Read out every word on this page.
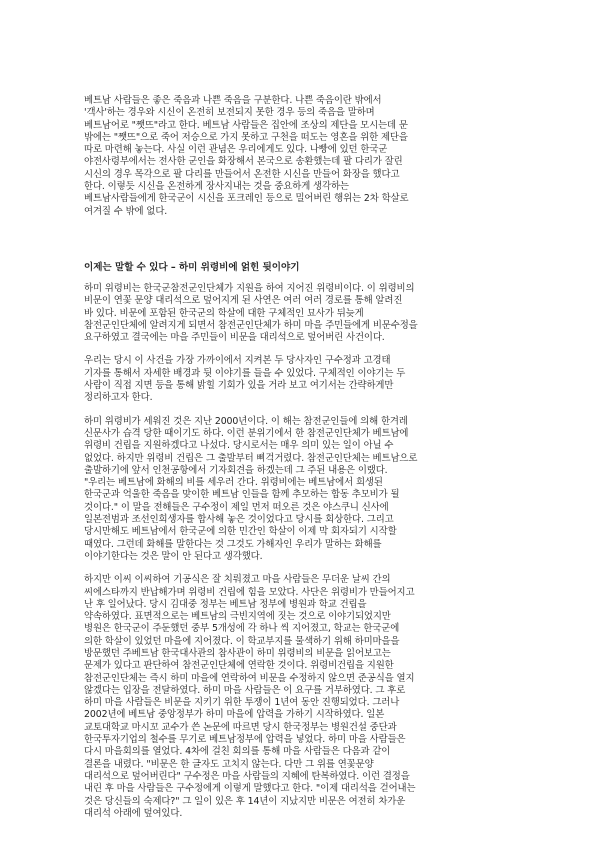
베트남 사람들은 좋은 죽음과 나쁜 죽음을 구분한다. 나쁜 죽음이란 밖에서
'객사'하는 경우와 시신이 온전히 보전되지 못한 경우 등의 죽음을 말하며
베트남어로 "쨋뜨"라고 한다. 베트남 사람들은 집안에 조상의 제단을 모시는데 문
밖에는 "쨋뜨"으로 죽어 저승으로 가지 못하고 구천을 떠도는 영혼을 위한 제단을
따로 마련해 놓는다. 사실 이런 관념은 우리에게도 있다. 나빵에 있던 한국군
야전사령부에서는 전사한 군인을 화장해서 본국으로 송환했는데 팔 다리가 잘린
시신의 경우 목각으로 팔 다리를 만들어서 온전한 시신을 만들어 화장을 했다고
한다. 이렇듯 시신을 온전하게 장사지내는 것을 중요하게 생각하는
베트남사람들에게 한국군이 시신을 포크레인 등으로 밀어버린 행위는 2차 학살로
여겨질 수 밖에 없다.

이제는 말할 수 있다 – 하미 위령비에 얽힌 뒷이야기

하미 위령비는 한국군참전군인단체가 지원을 하여 지어진 위령비이다. 이 위령비의
비문이 연꽃 문양 대리석으로 덮어지게 된 사연은 여러 여러 경로를 통해 알려진
바 있다. 비문에 포함된 한국군의 학살에 대한 구체적인 묘사가 뒤늦게
참전군인단체에 알려지게 되면서 참전군인단체가 하미 마을 주민들에게 비문수정을
요구하였고 결국에는 마을 주민들이 비문을 대리석으로 덮어버린 사건이다.

우리는 당시 이 사건을 가장 가까이에서 지켜본 두 당사자인 구수정과 고경태
기자를 통해서 자세한 배경과 뒷 이야기를 들을 수 있었다. 구체적인 이야기는 두
사람이 직접 지면 등을 통해 밝힐 기회가 있을 거라 보고 여기서는 간략하게만
정리하고자 한다.

하미 위령비가 세워진 것은 지난 2000년이다. 이 해는 참전군인들에 의해 한겨레
신문사가 습격 당한 때이기도 하다. 이런 분위기에서 한 참전군인단체가 베트남에
위령비 건립을 지원하겠다고 나섰다. 당시로서는 매우 의미 있는 일이 아닐 수
없었다. 하지만 위령비 건립은 그 출발부터 삐걱거렸다. 참전군인단체는 베트남으로
출발하기에 앞서 인천공항에서 기자회견을 하겠는데 그 주된 내용은 이랬다.
"우리는 베트남에 화해의 비를 세우러 간다. 위령비에는 베트남에서 희생된
한국군과 억울한 죽음을 맞이한 베트남 인들을 함께 추모하는 합동 추모비가 될
것이다." 이 말을 전해들은 구수정이 제일 먼저 떠오른 것은 야스쿠니 신사에
일본전범과 조선인희생자를 합사해 놓은 것이었다고 당시를 회상한다. 그리고
당시만해도 베트남에서 한국군에 의한 민간인 학살이 이제 막 회자되기 시작할
때였다. 그런데 화해를 말한다는 것 그것도 가해자인 우리가 말하는 화해를
이야기한다는 것은 말이 안 된다고 생각했다.

하지만 이씨 이씨하여 기공식은 잘 치뤄졌고 마을 사람들은 무더운 날씨 간의
씨에스타까지 반납해가며 위령비 건립에 힘을 모았다. 사단은 위령비가 만들어지고
난 후 일어났다. 당시 김대중 정부는 베트남 정부에 병원과 학교 건립을
약속하였다. 표면적으로는 베트남의 극빈지역에 짓는 것으로 이야기되었지만
병원은 한국군이 주둔했던 중부 5개성에 각 하나 씩 지어졌고, 학교는 한국군에
의한 학살이 있었던 마을에 지어졌다. 이 학교부지를 물색하기 위해 하미마을을
방문했던 주베트남 한국대사관의 참사관이 하미 위령비의 비문을 읽어보고는
문제가 있다고 판단하여 참전군인단체에 연락한 것이다. 위령비건립을 지원한
참전군인단체는 즉시 하미 마을에 연락하여 비문을 수정하지 않으면 준공식을 열지
않겠다는 입장을 전달하였다. 하미 마을 사람들은 이 요구를 거부하였다. 그 후로
하미 마을 사람들은 비문을 지키기 위한 투쟁이 1년여 동안 진행되었다. 그러나
2002년에 베트남 중앙정부가 하미 마을에 압력을 가하기 시작하였다. 일본
교토대학교 마시꼬 교수가 쓴 논문에 따르면 당시 한국정부는 병원건설 중단과
한국투자기업의 철수를 무기로 베트남정부에 압력을 넣었다. 하미 마을 사람들은
다시 마을회의를 열었다. 4차에 걸친 회의를 통해 마을 사람들은 다음과 같이
결론을 내렸다. "비문은 한 글자도 고치지 않는다. 다만 그 위를 연꽃문양
대리석으로 덮어버린다" 구수정은 마을 사람들의 지혜에 탄복하였다. 이런 결정을
내린 후 마을 사람들은 구수정에게 이렇게 말했다고 한다. "이제 대리석을 걷어내는
것은 당신들의 숙제다?" 그 일이 있은 후 14년이 지났지만 비문은 여전히 차가운
대리석 아래에 덮여있다.
